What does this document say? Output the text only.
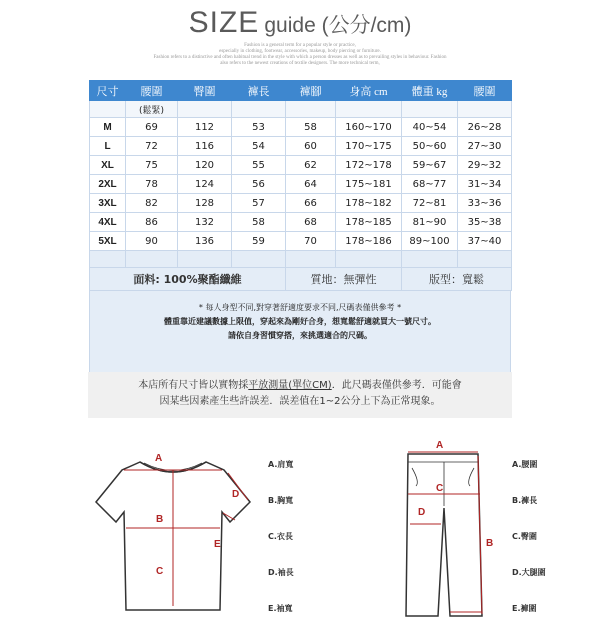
SIZE guide (公分/cm)
Fashion is a general term for a popular style or practice,
especially in clothing, footwear, accessories, makeup, body piercing or furniture.
Fashion refers to a distinctive and often habitual trend in the style with which a person dresses as well as to prevailing styles in behaviour. Fashion
also refers to the newest creations of textile designers. The more technical term,
尺寸	腰圍	臀圍	褲長	褲腳	身高 cm	體重 kg	腰圍
	(鬆緊)						
M	69	112	53	58	160~170	40~54	26~28
L	72	116	54	60	170~175	50~60	27~30
XL	75	120	55	62	172~178	59~67	29~32
2XL	78	124	56	64	175~181	68~77	31~34
3XL	82	128	57	66	178~182	72~81	33~36
4XL	86	132	58	68	178~185	81~90	35~38
5XL	90	136	59	70	178~186	89~100	37~40

面料: 100%聚酯纖維				質地：無彈性		版型：寬鬆	
* 每人身型不同,對穿著舒適度要求不同,尺碼表僅供參考 *
體重靠近建議數據上限值，穿起來為剛好合身，想寬鬆舒適就買大一號尺寸。
請依自身習慣穿搭，來挑選適合的尺碼。
本店所有尺寸皆以實物採平放測量(單位CM)．此尺碼表僅供參考．可能會
因某些因素產生些許誤差．誤差值在1~2公分上下為正常現象。
A
B
C
D
E
A.肩寬
B.胸寬
C.衣長
D.袖長
E.袖寬
A
C
D
B
A.腰圍
B.褲長
C.臀圍
D.大腿圍
E.褲圍
